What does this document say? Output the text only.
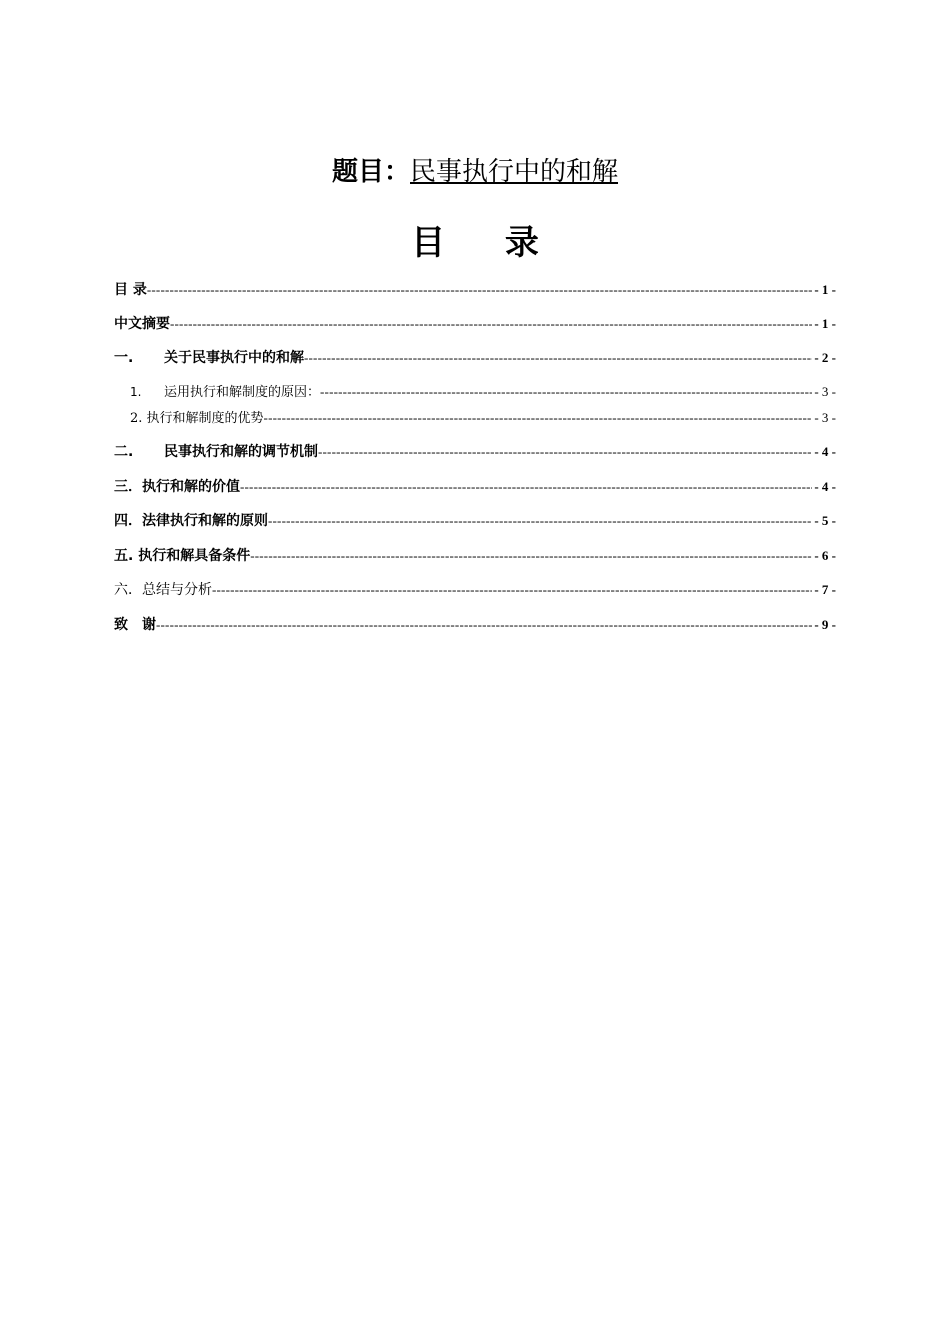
题目：民事执行中的和解
目 录
目 录 -----	- 1 -
中文摘要 -----	- 1 -
一. 关于民事执行中的和解 -----	- 2 -
1. 运用执行和解制度的原因： -----	- 3 -
2. 执行和解制度的优势 -----	- 3 -
二. 民事执行和解的调节机制 -----	- 4 -
三．执行和解的价值 -----	- 4 -
四．法律执行和解的原则 -----	- 5 -
五. 执行和解具备条件 -----	- 6 -
六．总结与分析 -----	- 7 -
致　谢 -----	- 9 -
